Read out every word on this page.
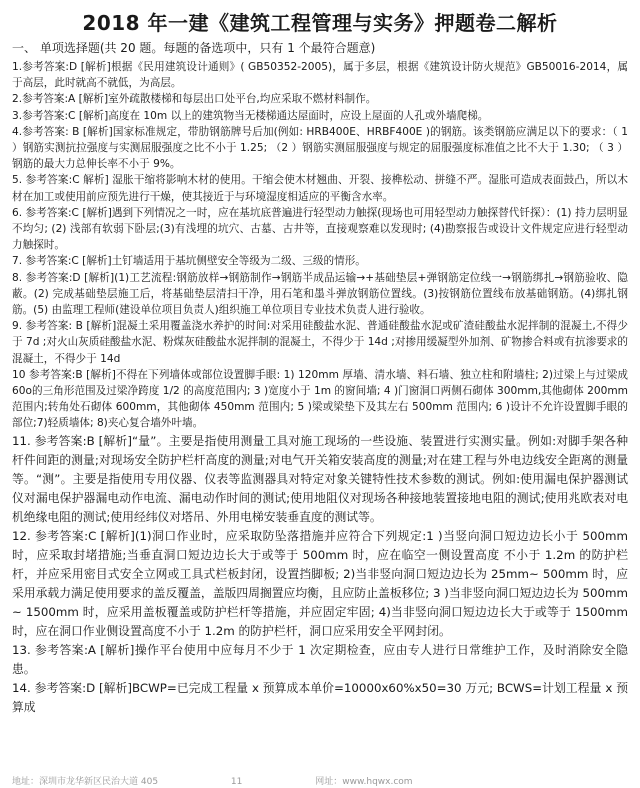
2018 年一建《建筑工程管理与实务》押题卷二解析
一、 单项选择题(共 20 题。每题的备选项中，只有 1 个最符合题意)

1.参考答案:D [解析]根据《民用建筑设计通则》( GB50352-2005)，属于多层，根据《建筑设计防火规范》GB50016-2014，属于高层，此时就高不就低，为高层。

2.参考答案:A [解析]室外疏散楼梯和每层出口处平台,均应采取不燃材料制作。

3.参考答案:C [解析]高度在 10m 以上的建筑物当无楼梯通达屋面时，应设上屋面的人孔或外墙爬梯。

4.参考答案: B [解析]国家标准规定，带肋钢筋牌号后加(例如: HRB400E、HRBF400E )的钢筋。该类钢筋应满足以下的要求：（ 1 ）钢筋实测抗拉强度与实测屈服强度之比不小于 1.25; （2 ）钢筋实测屈服强度与规定的屈服强度标准值之比不大于 1.30; （ 3 ）钢筋的最大力总伸长率不小于 9%。

5. 参考答案:C 解析] 湿胀干缩将影响木材的使用。干缩会使木材翘曲、开裂、接榫松动、拼缝不严。湿胀可造成表面鼓凸，所以木材在加工或使用前应预先进行干燥，使其接近于与环境湿度相适应的平衡含水率。

6. 参考答案:C [解析]遇到下列情况之一时，应在基坑底普遍进行轻型动力触探(现场也可用轻型动力触探替代钎探）：(1) 持力层明显不均匀; (2) 浅部有软弱下卧层;(3)有浅埋的坑穴、古墓、古井等，直接观察难以发现时; (4)勘察报告或设计文件规定应进行轻型动力触探时。

7. 参考答案:C [解析]土钉墙适用于基坑侧壁安全等级为二级、三级的情形。

8. 参考答案:D [解析](1)工艺流程:钢筋放样→钢筋制作→钢筋半成品运输→+基础垫层+弹钢筋定位线一→钢筋绑扎→钢筋验收、隐蔽。(2) 完成基础垫层施工后，将基础垫层清扫干净，用石笔和墨斗弹放钢筋位置线。(3)按钢筋位置线布放基础钢筋。(4)绑扎钢筋。(5) 由监理工程师(建设单位项目负责人)组织施工单位项目专业技术负责人进行验收。

9. 参考答案: B [解析]混凝土采用覆盖浇水养护的时间:对采用硅酸盐水泥、普通硅酸盐水泥或矿渣硅酸盐水泥拌制的混凝土,不得少于 7d ;对火山灰质硅酸盐水泥、粉煤灰硅酸盐水泥拌制的混凝土，不得少于 14d ;对掺用缓凝型外加剂、矿物掺合料或有抗渗要求的混凝土，不得少于 14d

10 参考答案:B [解析]不得在下列墙体或部位设置脚手眼: 1) 120mm 厚墙、清水墙、料石墙、独立柱和附墙柱; 2)过梁上与过梁成 60o的三角形范围及过梁净跨度 1/2 的高度范围内; 3 )宽度小于 1m 的窗间墙; 4 )门窗洞口两侧石砌体 300mm,其他砌体 200mm 范围内;转角处石砌体 600mm，其他砌体 450mm 范围内; 5 )梁或梁垫下及其左右 500mm 范围内; 6 )设计不允许设置脚手眼的部位;7)轻质墙体; 8)夹心复合墙外叶墙。

11. 参考答案:B [解析]“量”。主要是指使用测量工具对施工现场的一些设施、装置进行实测实量。例如:对脚手架各种杆件间距的测量;对现场安全防护栏杆高度的测量;对电气开关箱安装高度的测量;对在建工程与外电边线安全距离的测量等。“测”。主要是指使用专用仪器、仪表等监测器具对特定对象关键特性技术参数的测试。例如:使用漏电保护器测试仪对漏电保护器漏电动作电流、漏电动作时间的测试;使用地阻仪对现场各种接地装置接地电阻的测试;使用兆欧表对电机绝缘电阻的测试;使用经纬仪对塔吊、外用电梯安装垂直度的测试等。

12. 参考答案:C [解析](1)洞口作业时，应采取防坠落措施并应符合下列规定:1 )当竖向洞口短边边长小于 500mm 时，应采取封堵措施;当垂直洞口短边边长大于或等于 500mm 时，应在临空一侧设置高度 不小于 1.2m 的防护栏杆，并应采用密目式安全立网或工具式栏板封闭，设置挡脚板; 2)当非竖向洞口短边边长为 25mm~ 500mm 时，应采用承载力满足使用要求的盖反覆盖，盖版四周搁置应均衡，且应防止盖板移位; 3 )当非竖向洞口短边边长为 500mm ~ 1500mm 时，应采用盖板覆盖或防护栏杆等措施，并应固定牢固; 4)当非竖向洞口短边边长大于或等于 1500mm 时，应在洞口作业侧设置高度不小于 1.2m 的防护栏杆，洞口应采用安全平网封闭。

13. 参考答案:A [解析]操作平台使用中应每月不少于 1 次定期检查，应由专人进行日常维护工作，及时消除安全隐患。

14. 参考答案:D [解析]BCWP=已完成工程量 x 预算成本单价=10000x60%x50=30 万元; BCWS=计划工程量 x 预算成

地址：深圳市龙华新区民治大道 405	11	网址：www.hqwx.com
